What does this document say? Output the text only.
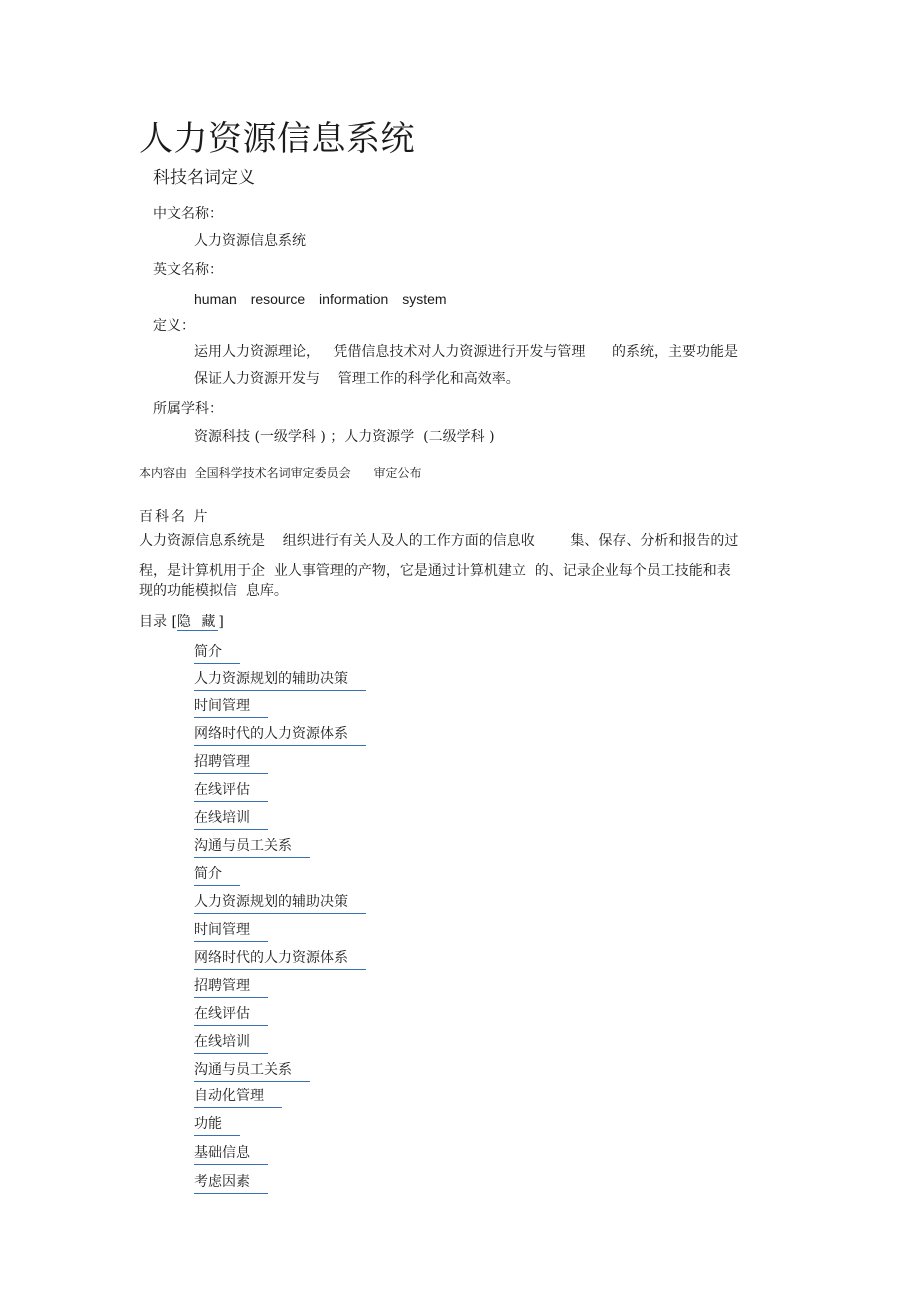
人力资源信息系统
科技名词定义
中文名称：
人力资源信息系统
英文名称：
human resource information system
定义：
运用人力资源理论，   凭借信息技术对人力资源进行开发与管理      的系统，主要功能是
保证人力资源开发与    管理工作的科学化和高效率。
所属学科：
资源科技 (一级学科 ) ；人力资源学  (二级学科 )
本内容由  全国科学技术名词审定委员会      审定公布
百科名 片
人力资源信息系统是    组织进行有关人及人的工作方面的信息收        集、保存、分析和报告的过
程，是计算机用于企  业人事管理的产物，它是通过计算机建立  的、记录企业每个员工技能和表
现的功能模拟信  息库。
目录 [隐 藏]
简介
人力资源规划的辅助决策
时间管理
网络时代的人力资源体系
招聘管理
在线评估
在线培训
沟通与员工关系
简介
人力资源规划的辅助决策
时间管理
网络时代的人力资源体系
招聘管理
在线评估
在线培训
沟通与员工关系
自动化管理
功能
基础信息
考虑因素
